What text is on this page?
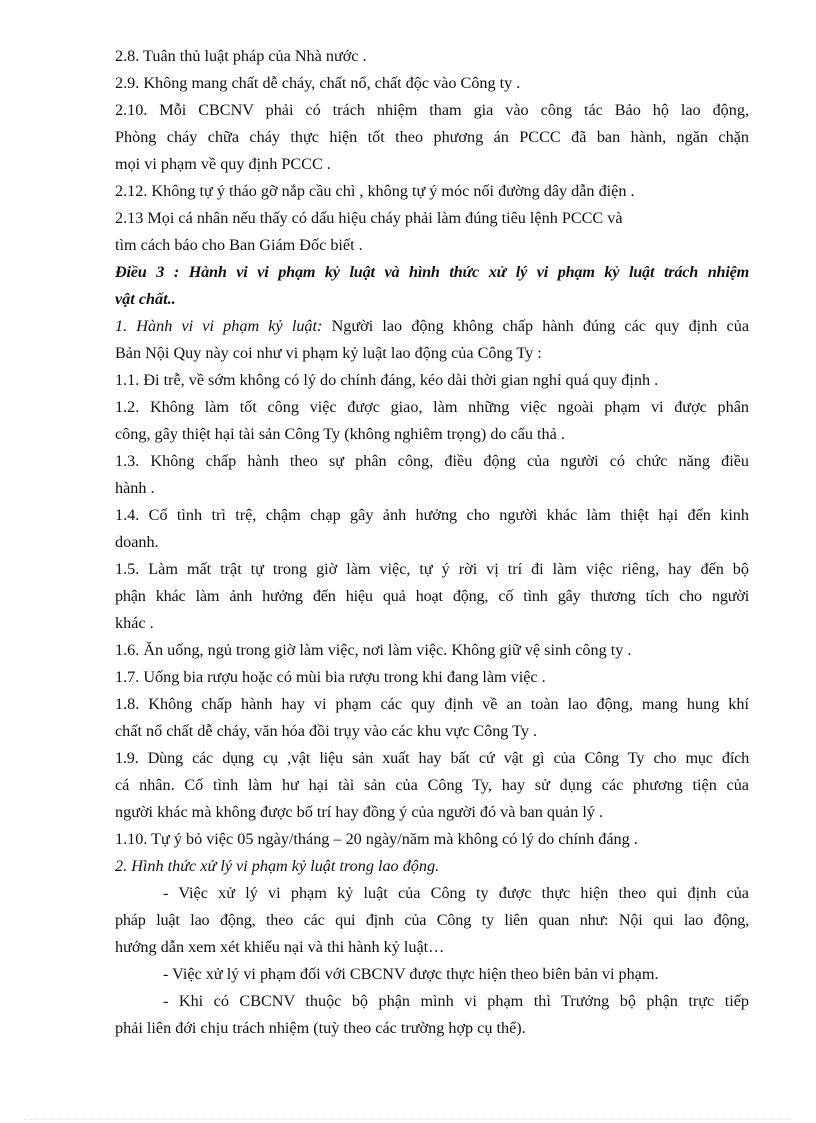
2.8. Tuân thủ luật pháp của Nhà nước .

2.9. Không mang chất dễ cháy, chất nổ, chất độc vào Công ty .

2.10. Mỗi CBCNV phải có trách nhiệm tham gia vào công tác Bảo hộ lao động,

Phòng cháy chữa cháy thực hiện tốt theo phương án PCCC đã ban hành, ngăn chặn

mọi vi phạm về quy định PCCC .

2.12. Không tự ý tháo gỡ nắp cầu chì , không tự ý móc nối đường dây dẫn điện .

2.13 Mọi cá nhân nếu thấy có dấu hiệu cháy phải làm đúng tiêu lệnh PCCC và

tìm cách báo cho Ban Giám Đốc biết .

Điều 3 : Hành vi vi phạm kỷ luật và hình thức xử lý vi phạm kỷ luật trách nhiệm

vật chất..

1. Hành vi vi phạm kỷ luật: Người lao động không chấp hành đúng các quy định của

Bản Nội Quy này coi như vi phạm kỷ luật lao động của Công Ty :

1.1. Đi trễ, về sớm không có lý do chính đáng, kéo dài thời gian nghỉ quá quy định .

1.2. Không làm tốt công việc được giao, làm những việc ngoài phạm vi được phân

công, gây thiệt hại tài sản Công Ty (không nghiêm trọng) do cẩu thả .

1.3. Không chấp hành theo sự phân công, điều động của người có chức năng điều

hành .

1.4. Cố tình trì trệ, chậm chạp gây ảnh hưởng cho người khác làm thiệt hại đến kinh

doanh.

1.5. Làm mất trật tự trong giờ làm việc, tự ý rời vị trí đi làm việc riêng, hay đến bộ

phận khác làm ảnh hưởng đến hiệu quả hoạt động, cố tình gây thương tích cho người

khác .

1.6. Ăn uống, ngủ trong giờ làm việc, nơi làm việc. Không giữ vệ sinh công ty .

1.7. Uống bia rượu hoặc có mùi bia rượu trong khi đang làm việc .

1.8. Không chấp hành hay vi phạm các quy định về an toàn lao động, mang hung khí

chất nổ chất dễ cháy, văn hóa đồi trụy vào các khu vực Công Ty .

1.9. Dùng các dụng cụ ,vật liệu sản xuất hay bất cứ vật gì của Công Ty cho mục đích

cá nhân. Cố tình làm hư hại tài sản của Công Ty, hay sử dụng các phương tiện của

người khác mà không được bố trí hay đồng ý của người đó và ban quản lý .

1.10. Tự ý bỏ việc 05 ngày/tháng – 20 ngày/năm mà không có lý do chính đáng .

2. Hình thức xử lý vi phạm kỷ luật trong lao động.

- Việc xử lý vi phạm kỷ luật của Công ty được thực hiện theo qui định của

pháp luật lao động, theo các qui định của Công ty liên quan như: Nội qui lao động,

hướng dẫn xem xét khiếu nại và thi hành kỷ luật…

- Việc xử lý vi phạm đối với CBCNV được thực hiện theo biên bản vi phạm.

- Khi có CBCNV thuộc bộ phận mình vi phạm thì Trưởng bộ phận trực tiếp

phải liên đới chịu trách nhiệm (tuỳ theo các trường hợp cụ thể).
